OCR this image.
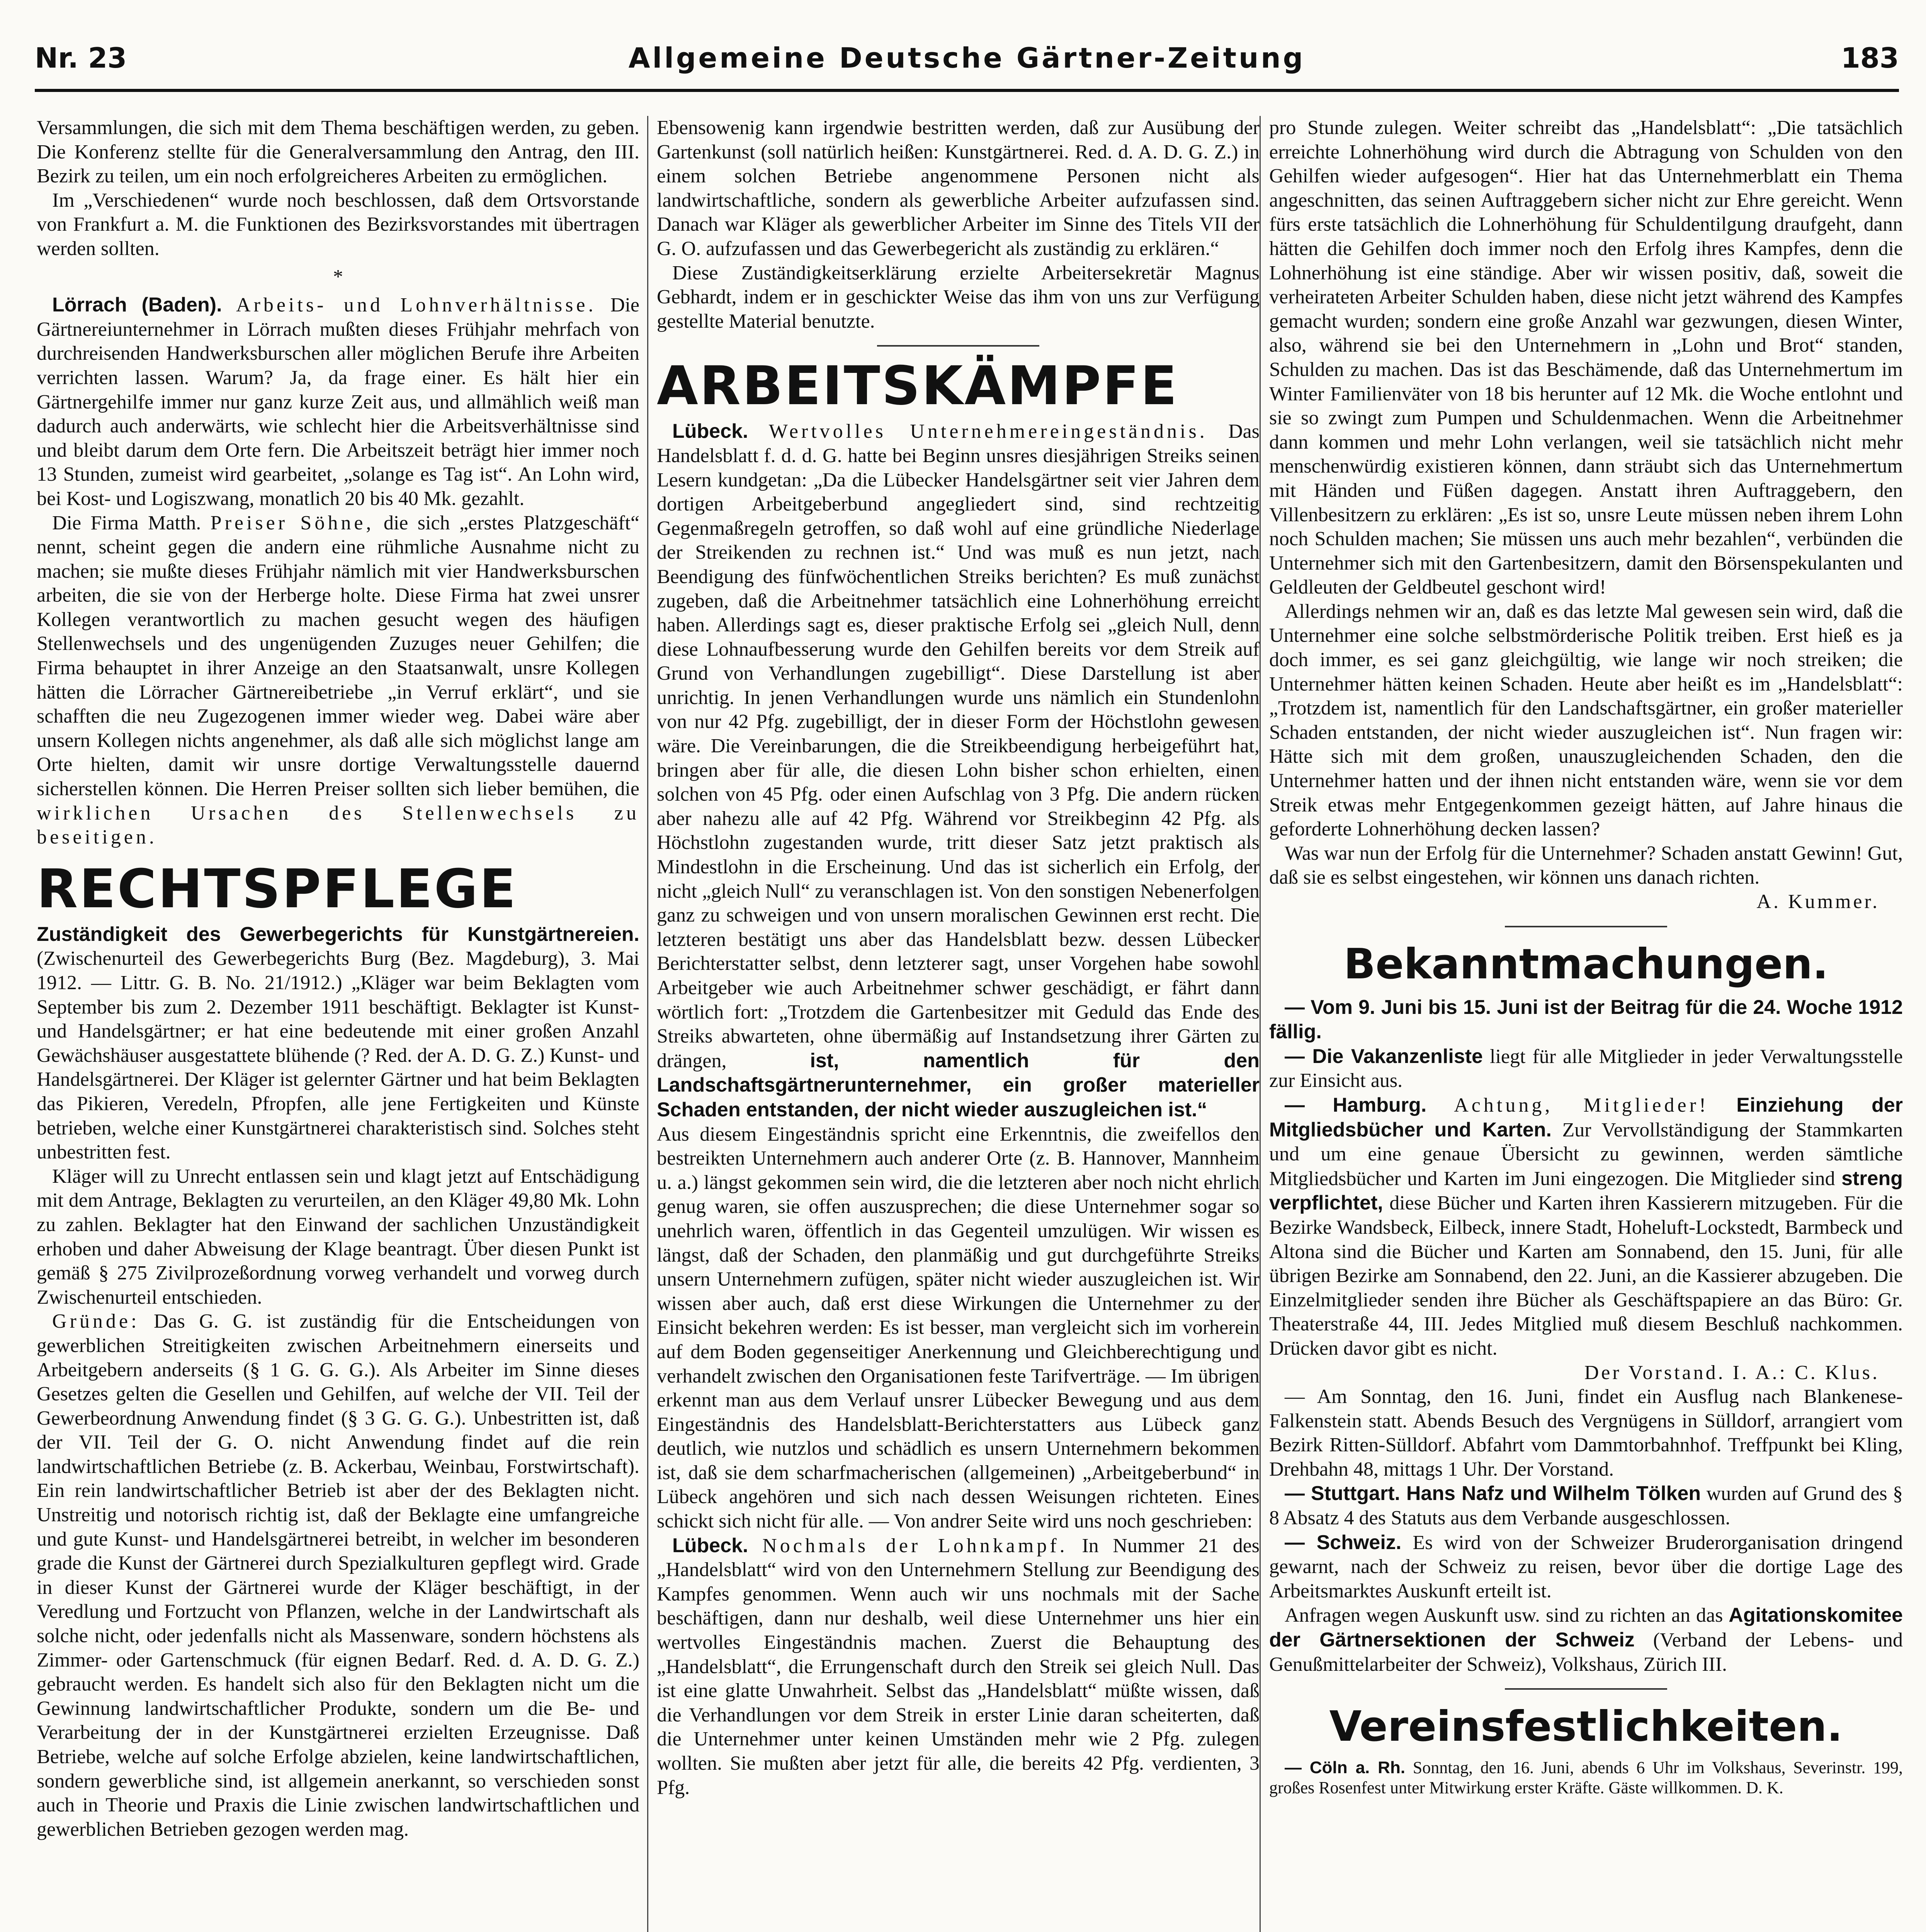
Nr. 23	Allgemeine Deutsche Gärtner-Zeitung	183

Versammlungen, die sich mit dem Thema beschäftigen werden, zu geben. Die Konferenz stellte für die Generalversammlung den Antrag, den III. Bezirk zu teilen, um ein noch erfolgreicheres Arbeiten zu ermöglichen.

Im „Verschiedenen“ wurde noch beschlossen, daß dem Ortsvorstande von Frankfurt a. M. die Funktionen des Bezirksvorstandes mit übertragen werden sollten.

*

Lörrach (Baden). Arbeits- und Lohnverhältnisse. Die Gärtnereiunternehmer in Lörrach mußten dieses Frühjahr mehrfach von durchreisenden Handwerksburschen aller möglichen Berufe ihre Arbeiten verrichten lassen. Warum? Ja, da frage einer. Es hält hier ein Gärtnergehilfe immer nur ganz kurze Zeit aus, und allmählich weiß man dadurch auch anderwärts, wie schlecht hier die Arbeitsverhältnisse sind und bleibt darum dem Orte fern. Die Arbeitszeit beträgt hier immer noch 13 Stunden, zumeist wird gearbeitet, „solange es Tag ist“. An Lohn wird, bei Kost- und Logiszwang, monatlich 20 bis 40 Mk. gezahlt.

Die Firma Matth. Preiser Söhne, die sich „erstes Platzgeschäft“ nennt, scheint gegen die andern eine rühmliche Ausnahme nicht zu machen; sie mußte dieses Frühjahr nämlich mit vier Handwerksburschen arbeiten, die sie von der Herberge holte. Diese Firma hat zwei unsrer Kollegen verantwortlich zu machen gesucht wegen des häufigen Stellenwechsels und des ungenügenden Zuzuges neuer Gehilfen; die Firma behauptet in ihrer Anzeige an den Staatsanwalt, unsre Kollegen hätten die Lörracher Gärtnereibetriebe „in Verruf erklärt“, und sie schafften die neu Zugezogenen immer wieder weg. Dabei wäre aber unsern Kollegen nichts angenehmer, als daß alle sich möglichst lange am Orte hielten, damit wir unsre dortige Verwaltungsstelle dauernd sicherstellen können. Die Herren Preiser sollten sich lieber bemühen, die wirklichen Ursachen des Stellenwechsels zu beseitigen.

RECHTSPFLEGE

Zuständigkeit des Gewerbegerichts für Kunstgärtnereien. (Zwischenurteil des Gewerbegerichts Burg (Bez. Magdeburg), 3. Mai 1912. — Littr. G. B. No. 21/1912.) „Kläger war beim Beklagten vom September bis zum 2. Dezember 1911 beschäftigt. Beklagter ist Kunst- und Handelsgärtner; er hat eine bedeutende mit einer großen Anzahl Gewächshäuser ausgestattete blühende (? Red. der A. D. G. Z.) Kunst- und Handelsgärtnerei. Der Kläger ist gelernter Gärtner und hat beim Beklagten das Pikieren, Veredeln, Pfropfen, alle jene Fertigkeiten und Künste betrieben, welche einer Kunstgärtnerei charakteristisch sind. Solches steht unbestritten fest.

Kläger will zu Unrecht entlassen sein und klagt jetzt auf Entschädigung mit dem Antrage, Beklagten zu verurteilen, an den Kläger 49,80 Mk. Lohn zu zahlen. Beklagter hat den Einwand der sachlichen Unzuständigkeit erhoben und daher Abweisung der Klage beantragt. Über diesen Punkt ist gemäß § 275 Zivilprozeßordnung vorweg verhandelt und vorweg durch Zwischenurteil entschieden.

Gründe: Das G. G. ist zuständig für die Entscheidungen von gewerblichen Streitigkeiten zwischen Arbeitnehmern einerseits und Arbeitgebern anderseits (§ 1 G. G. G.). Als Arbeiter im Sinne dieses Gesetzes gelten die Gesellen und Gehilfen, auf welche der VII. Teil der Gewerbeordnung Anwendung findet (§ 3 G. G. G.). Unbestritten ist, daß der VII. Teil der G. O. nicht Anwendung findet auf die rein landwirtschaftlichen Betriebe (z. B. Ackerbau, Weinbau, Forstwirtschaft). Ein rein landwirtschaftlicher Betrieb ist aber der des Beklagten nicht. Unstreitig und notorisch richtig ist, daß der Beklagte eine umfangreiche und gute Kunst- und Handelsgärtnerei betreibt, in welcher im besonderen grade die Kunst der Gärtnerei durch Spezialkulturen gepflegt wird. Grade in dieser Kunst der Gärtnerei wurde der Kläger beschäftigt, in der Veredlung und Fortzucht von Pflanzen, welche in der Landwirtschaft als solche nicht, oder jedenfalls nicht als Massenware, sondern höchstens als Zimmer- oder Gartenschmuck (für eignen Bedarf. Red. d. A. D. G. Z.) gebraucht werden. Es handelt sich also für den Beklagten nicht um die Gewinnung landwirtschaftlicher Produkte, sondern um die Be- und Verarbeitung der in der Kunstgärtnerei erzielten Erzeugnisse. Daß Betriebe, welche auf solche Erfolge abzielen, keine landwirtschaftlichen, sondern gewerbliche sind, ist allgemein anerkannt, so verschieden sonst auch in Theorie und Praxis die Linie zwischen landwirtschaftlichen und gewerblichen Betrieben gezogen werden mag.

Ebensowenig kann irgendwie bestritten werden, daß zur Ausübung der Gartenkunst (soll natürlich heißen: Kunstgärtnerei. Red. d. A. D. G. Z.) in einem solchen Betriebe angenommene Personen nicht als landwirtschaftliche, sondern als gewerbliche Arbeiter aufzufassen sind. Danach war Kläger als gewerblicher Arbeiter im Sinne des Titels VII der G. O. aufzufassen und das Gewerbegericht als zuständig zu erklären.“

Diese Zuständigkeitserklärung erzielte Arbeitersekretär Magnus Gebhardt, indem er in geschickter Weise das ihm von uns zur Verfügung gestellte Material benutzte.

ARBEITSKÄMPFE

Lübeck. Wertvolles Unternehmereingeständnis. Das Handelsblatt f. d. d. G. hatte bei Beginn unsres diesjährigen Streiks seinen Lesern kundgetan: „Da die Lübecker Handelsgärtner seit vier Jahren dem dortigen Arbeitgeberbund angegliedert sind, sind rechtzeitig Gegenmaßregeln getroffen, so daß wohl auf eine gründliche Niederlage der Streikenden zu rechnen ist.“ Und was muß es nun jetzt, nach Beendigung des fünfwöchentlichen Streiks berichten? Es muß zunächst zugeben, daß die Arbeitnehmer tatsächlich eine Lohnerhöhung erreicht haben. Allerdings sagt es, dieser praktische Erfolg sei „gleich Null, denn diese Lohnaufbesserung wurde den Gehilfen bereits vor dem Streik auf Grund von Verhandlungen zugebilligt“. Diese Darstellung ist aber unrichtig. In jenen Verhandlungen wurde uns nämlich ein Stundenlohn von nur 42 Pfg. zugebilligt, der in dieser Form der Höchstlohn gewesen wäre. Die Vereinbarungen, die die Streikbeendigung herbeigeführt hat, bringen aber für alle, die diesen Lohn bisher schon erhielten, einen solchen von 45 Pfg. oder einen Aufschlag von 3 Pfg. Die andern rücken aber nahezu alle auf 42 Pfg. Während vor Streikbeginn 42 Pfg. als Höchstlohn zugestanden wurde, tritt dieser Satz jetzt praktisch als Mindestlohn in die Erscheinung. Und das ist sicherlich ein Erfolg, der nicht „gleich Null“ zu veranschlagen ist. Von den sonstigen Nebenerfolgen ganz zu schweigen und von unsern moralischen Gewinnen erst recht. Die letzteren bestätigt uns aber das Handelsblatt bezw. dessen Lübecker Berichterstatter selbst, denn letzterer sagt, unser Vorgehen habe sowohl Arbeitgeber wie auch Arbeitnehmer schwer geschädigt, er fährt dann wörtlich fort: „Trotzdem die Gartenbesitzer mit Geduld das Ende des Streiks abwarteten, ohne übermäßig auf Instandsetzung ihrer Gärten zu drängen,	ist, namentlich für den Landschaftsgärtnerunternehmer, ein großer materieller Schaden entstanden, der nicht wieder auszugleichen ist.“

Aus diesem Eingeständnis spricht eine Erkenntnis, die zweifellos den bestreikten Unternehmern auch anderer Orte (z. B. Hannover, Mannheim u. a.) längst gekommen sein wird, die die letzteren aber noch nicht ehrlich genug waren, sie offen auszusprechen; die diese Unternehmer sogar so unehrlich waren, öffentlich in das Gegenteil umzulügen. Wir wissen es längst, daß der Schaden, den planmäßig und gut durchgeführte Streiks unsern Unternehmern zufügen, später nicht wieder auszugleichen ist. Wir wissen aber auch, daß erst diese Wirkungen die Unternehmer zu der Einsicht bekehren werden: Es ist besser, man vergleicht sich im vorherein auf dem Boden gegenseitiger Anerkennung und Gleichberechtigung und verhandelt zwischen den Organisationen feste Tarifverträge. — Im übrigen erkennt man aus dem Verlauf unsrer Lübecker Bewegung und aus dem Eingeständnis des Handelsblatt-Berichterstatters aus Lübeck ganz deutlich, wie nutzlos und schädlich es unsern Unternehmern bekommen ist, daß sie dem scharfmacherischen (allgemeinen) „Arbeitgeberbund“ in Lübeck angehören und sich nach dessen Weisungen richteten. Eines schickt sich nicht für alle. — Von andrer Seite wird uns noch geschrieben:

Lübeck. Nochmals der Lohnkampf. In Nummer 21 des „Handelsblatt“ wird von den Unternehmern Stellung zur Beendigung des Kampfes genommen. Wenn auch wir uns nochmals mit der Sache beschäftigen, dann nur deshalb, weil diese Unternehmer uns hier ein wertvolles Eingeständnis machen. Zuerst die Behauptung des „Handelsblatt“, die Errungenschaft durch den Streik sei gleich Null. Das ist eine glatte Unwahrheit. Selbst das „Handelsblatt“ müßte wissen, daß die Verhandlungen vor dem Streik in erster Linie daran scheiterten, daß die Unternehmer unter keinen Umständen mehr wie 2 Pfg. zulegen wollten. Sie mußten aber jetzt für alle, die bereits 42 Pfg. verdienten, 3 Pfg.

pro Stunde zulegen. Weiter schreibt das „Handelsblatt“: „Die tatsächlich erreichte Lohnerhöhung wird durch die Abtragung von Schulden von den Gehilfen wieder aufgesogen“. Hier hat das Unternehmerblatt ein Thema angeschnitten, das seinen Auftraggebern sicher nicht zur Ehre gereicht. Wenn fürs erste tatsächlich die Lohnerhöhung für Schuldentilgung draufgeht, dann hätten die Gehilfen doch immer noch den Erfolg ihres Kampfes, denn die Lohnerhöhung ist eine ständige. Aber wir wissen positiv, daß, soweit die verheirateten Arbeiter Schulden haben, diese nicht jetzt während des Kampfes gemacht wurden; sondern eine große Anzahl war gezwungen, diesen Winter, also, während sie bei den Unternehmern in „Lohn und Brot“ standen, Schulden zu machen. Das ist das Beschämende, daß das Unternehmertum im Winter Familienväter von 18 bis herunter auf 12 Mk. die Woche entlohnt und sie so zwingt zum Pumpen und Schuldenmachen. Wenn die Arbeitnehmer dann kommen und mehr Lohn verlangen, weil sie tatsächlich nicht mehr menschenwürdig existieren können, dann sträubt sich das Unternehmertum mit Händen und Füßen dagegen. Anstatt ihren Auftraggebern, den Villenbesitzern zu erklären: „Es ist so, unsre Leute müssen neben ihrem Lohn noch Schulden machen; Sie müssen uns auch mehr bezahlen“, verbünden die Unternehmer sich mit den Gartenbesitzern, damit den Börsenspekulanten und Geldleuten der Geldbeutel geschont wird!

Allerdings nehmen wir an, daß es das letzte Mal gewesen sein wird, daß die Unternehmer eine solche selbstmörderische Politik treiben. Erst hieß es ja doch immer, es sei ganz gleichgültig, wie lange wir noch streiken; die Unternehmer hätten keinen Schaden. Heute aber heißt es im „Handelsblatt“: „Trotzdem ist, namentlich für den Landschaftsgärtner, ein großer materieller Schaden entstanden, der nicht wieder auszugleichen ist“. Nun fragen wir: Hätte sich mit dem großen, unauszugleichenden Schaden, den die Unternehmer hatten und der ihnen nicht entstanden wäre, wenn sie vor dem Streik etwas mehr Entgegenkommen gezeigt hätten, auf Jahre hinaus die geforderte Lohnerhöhung decken lassen?

Was war nun der Erfolg für die Unternehmer? Schaden anstatt Gewinn! Gut, daß sie es selbst eingestehen, wir können uns danach richten.

A. Kummer.
Bekanntmachungen.

— Vom 9. Juni bis 15. Juni ist der Beitrag für die 24. Woche 1912 fällig.

— Die Vakanzenliste liegt für alle Mitglieder in jeder Verwaltungsstelle zur Einsicht aus.

— Hamburg. Achtung, Mitglieder! Einziehung der Mitgliedsbücher und Karten. Zur Vervollständigung der Stammkarten und um eine genaue Übersicht zu gewinnen, werden sämtliche Mitgliedsbücher und Karten im Juni eingezogen. Die Mitglieder sind streng verpflichtet, diese Bücher und Karten ihren Kassierern mitzugeben. Für die Bezirke Wandsbeck, Eilbeck, innere Stadt, Hoheluft-Lockstedt, Barmbeck und Altona sind die Bücher und Karten am Sonnabend, den 15. Juni, für alle übrigen Bezirke am Sonnabend, den 22. Juni, an die Kassierer abzugeben. Die Einzelmitglieder senden ihre Bücher als Geschäftspapiere an das Büro: Gr. Theaterstraße 44, III. Jedes Mitglied muß diesem Beschluß nachkommen. Drücken davor gibt es nicht.

Der Vorstand. I. A.: C. Klus.

— Am Sonntag, den 16. Juni, findet ein Ausflug nach Blankenese-Falkenstein statt. Abends Besuch des Vergnügens in Sülldorf, arrangiert vom Bezirk Ritten-Sülldorf. Abfahrt vom Dammtorbahnhof. Treffpunkt bei Kling, Drehbahn 48, mittags 1 Uhr. Der Vorstand.

— Stuttgart. Hans Nafz und Wilhelm Tölken wurden auf Grund des § 8 Absatz 4 des Statuts aus dem Verbande ausgeschlossen.

— Schweiz. Es wird von der Schweizer Bruderorganisation dringend gewarnt, nach der Schweiz zu reisen, bevor über die dortige Lage des Arbeitsmarktes Auskunft erteilt ist.

Anfragen wegen Auskunft usw. sind zu richten an das Agitationskomitee der Gärtnersektionen der Schweiz (Verband der Lebens- und Genußmittelarbeiter der Schweiz), Volkshaus, Zürich III.

Vereinsfestlichkeiten.

— Cöln a. Rh. Sonntag, den 16. Juni, abends 6 Uhr im Volkshaus, Severinstr. 199, großes Rosenfest unter Mitwirkung erster Kräfte. Gäste willkommen. D. K.
